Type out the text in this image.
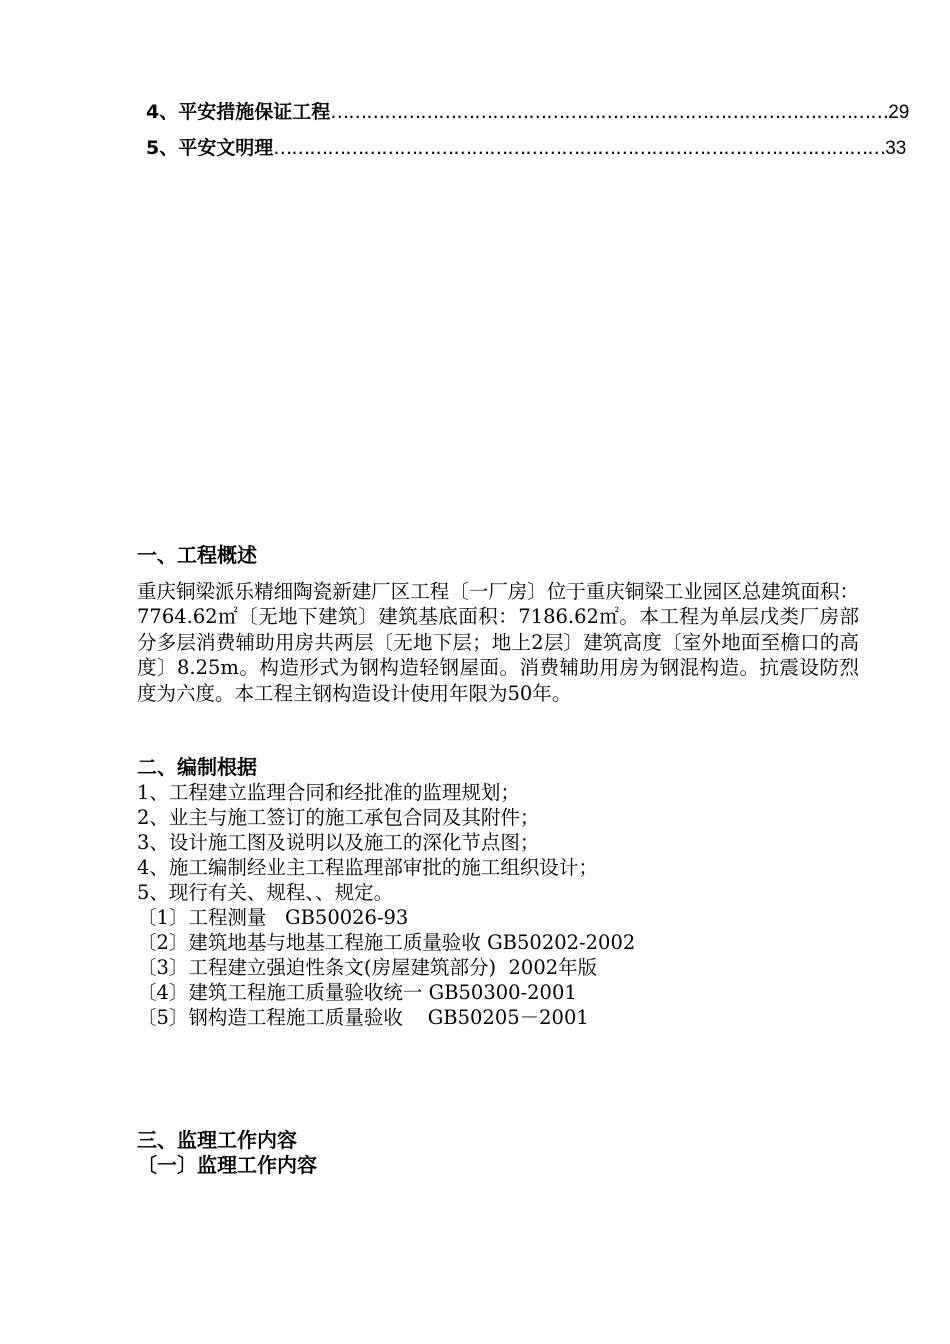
4、平安措施保证工程 ………………………………………………………………………………… 29
5、平安文明理 ………………………………………………………………………………………… 33
一、工程概述
重庆铜梁派乐精细陶瓷新建厂区工程〔一厂房〕位于重庆铜梁工业园区总建筑面积：7764.62㎡〔无地下建筑〕建筑基底面积：7186.62㎡。本工程为单层戊类厂房部分多层消费辅助用房共两层〔无地下层；地上2层〕建筑高度〔室外地面至檐口的高度〕8.25m。构造形式为钢构造轻钢屋面。消费辅助用房为钢混构造。抗震设防烈度为六度。本工程主钢构造设计使用年限为50年。
二、编制根据
1、工程建立监理合同和经批准的监理规划；
2、业主与施工签订的施工承包合同及其附件；
3、设计施工图及说明以及施工的深化节点图；
4、施工编制经业主工程监理部审批的施工组织设计；
5、现行有关、规程、、规定。
〔1〕工程测量   GB50026-93
〔2〕建筑地基与地基工程施工质量验收 GB50202-2002
〔3〕工程建立强迫性条文(房屋建筑部分)  2002年版
〔4〕建筑工程施工质量验收统一 GB50300-2001
〔5〕钢构造工程施工质量验收    GB50205－2001
三、监理工作内容
〔一〕监理工作内容
